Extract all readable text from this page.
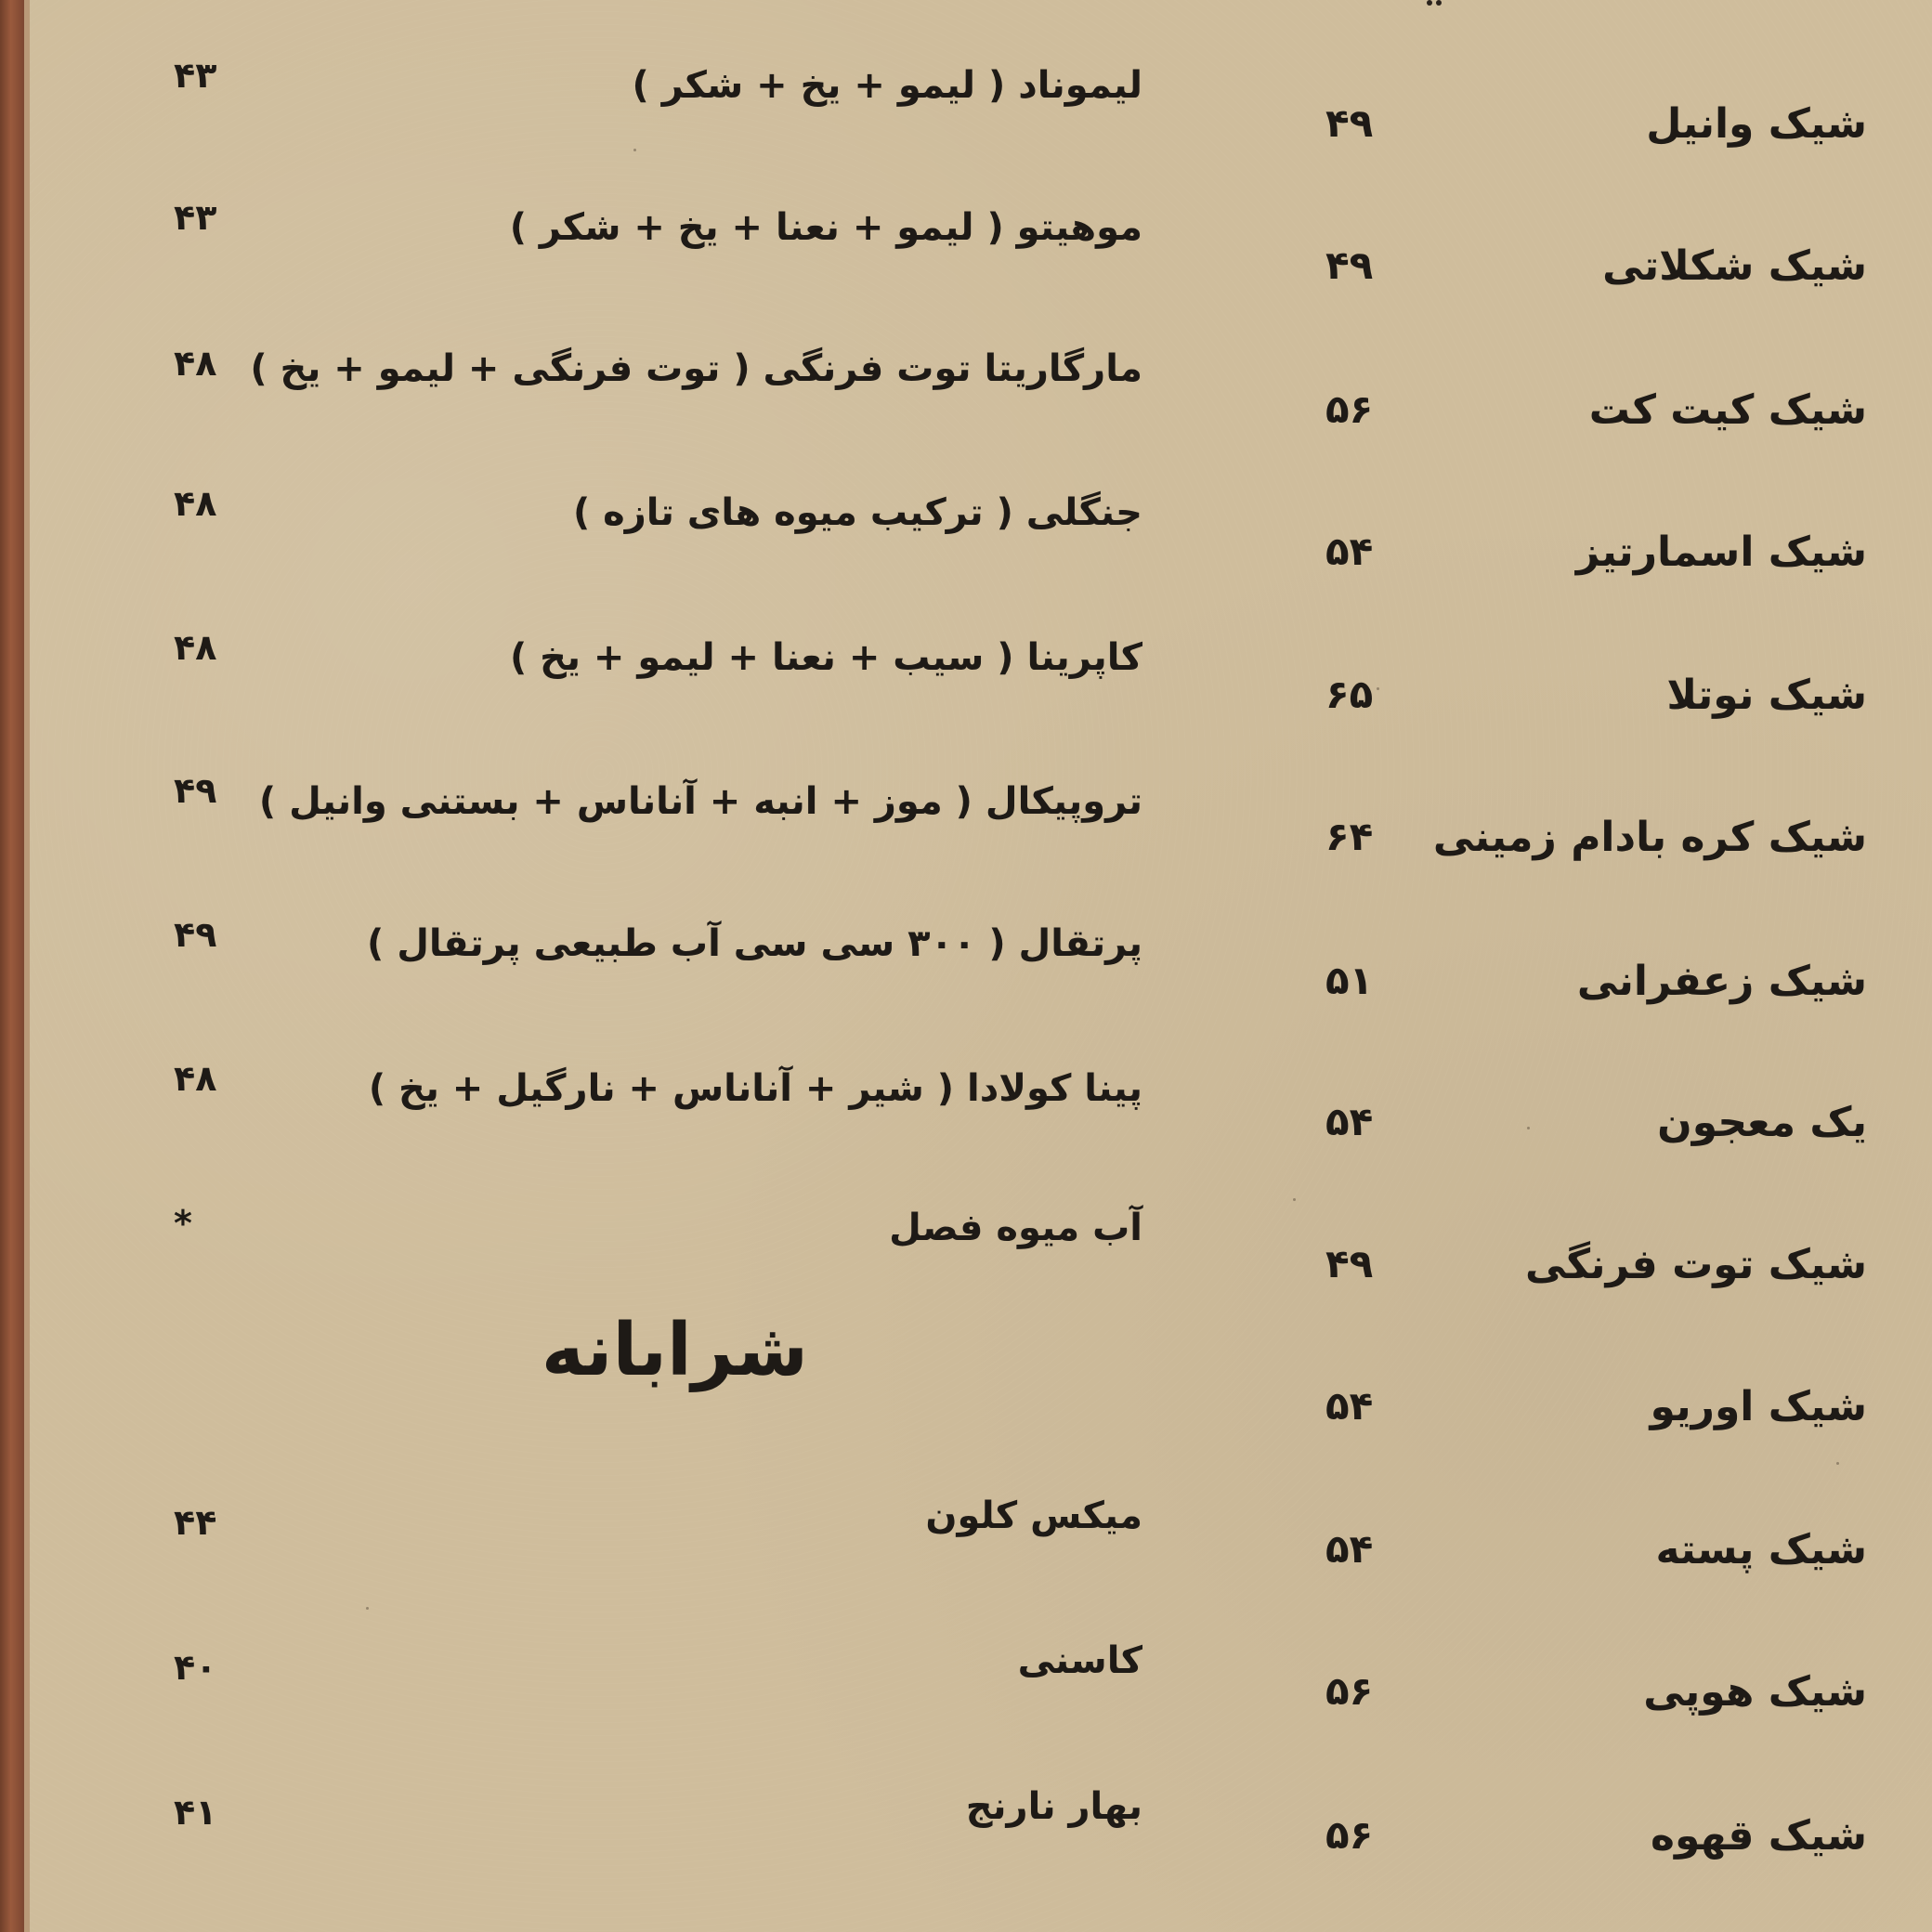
لیموناد ( لیمو + یخ + شکر )
۴۳
موهیتو ( لیمو + نعنا + یخ + شکر )
۴۳
مارگاریتا توت فرنگی ( توت فرنگی + لیمو + یخ )
۴۸
جنگلی ( ترکیب میوه های تازه )
۴۸
کاپرینا ( سیب + نعنا + لیمو + یخ )
۴۸
تروپیکال ( موز + انبه + آناناس + بستنی وانیل )
۴۹
پرتقال ( ۳۰۰ سی سی آب طبیعی پرتقال )
۴۹
پینا کولادا ( شیر + آناناس + نارگیل + یخ )
۴۸
آب میوه فصل
*
شرابانه
میکس کلون
۴۴
کاسنی
۴۰
بهار نارنج
۴۱
شیک وانیل
۴۹
شیک شکلاتی
۴۹
شیک کیت کت
۵۶
شیک اسمارتیز
۵۴
شیک نوتلا
۶۵
شیک کره بادام زمینی
۶۴
شیک زعفرانی
۵۱
یک معجون
۵۴
شیک توت فرنگی
۴۹
شیک اوریو
۵۴
شیک پسته
۵۴
شیک هوپی
۵۶
شیک قهوه
۵۶
